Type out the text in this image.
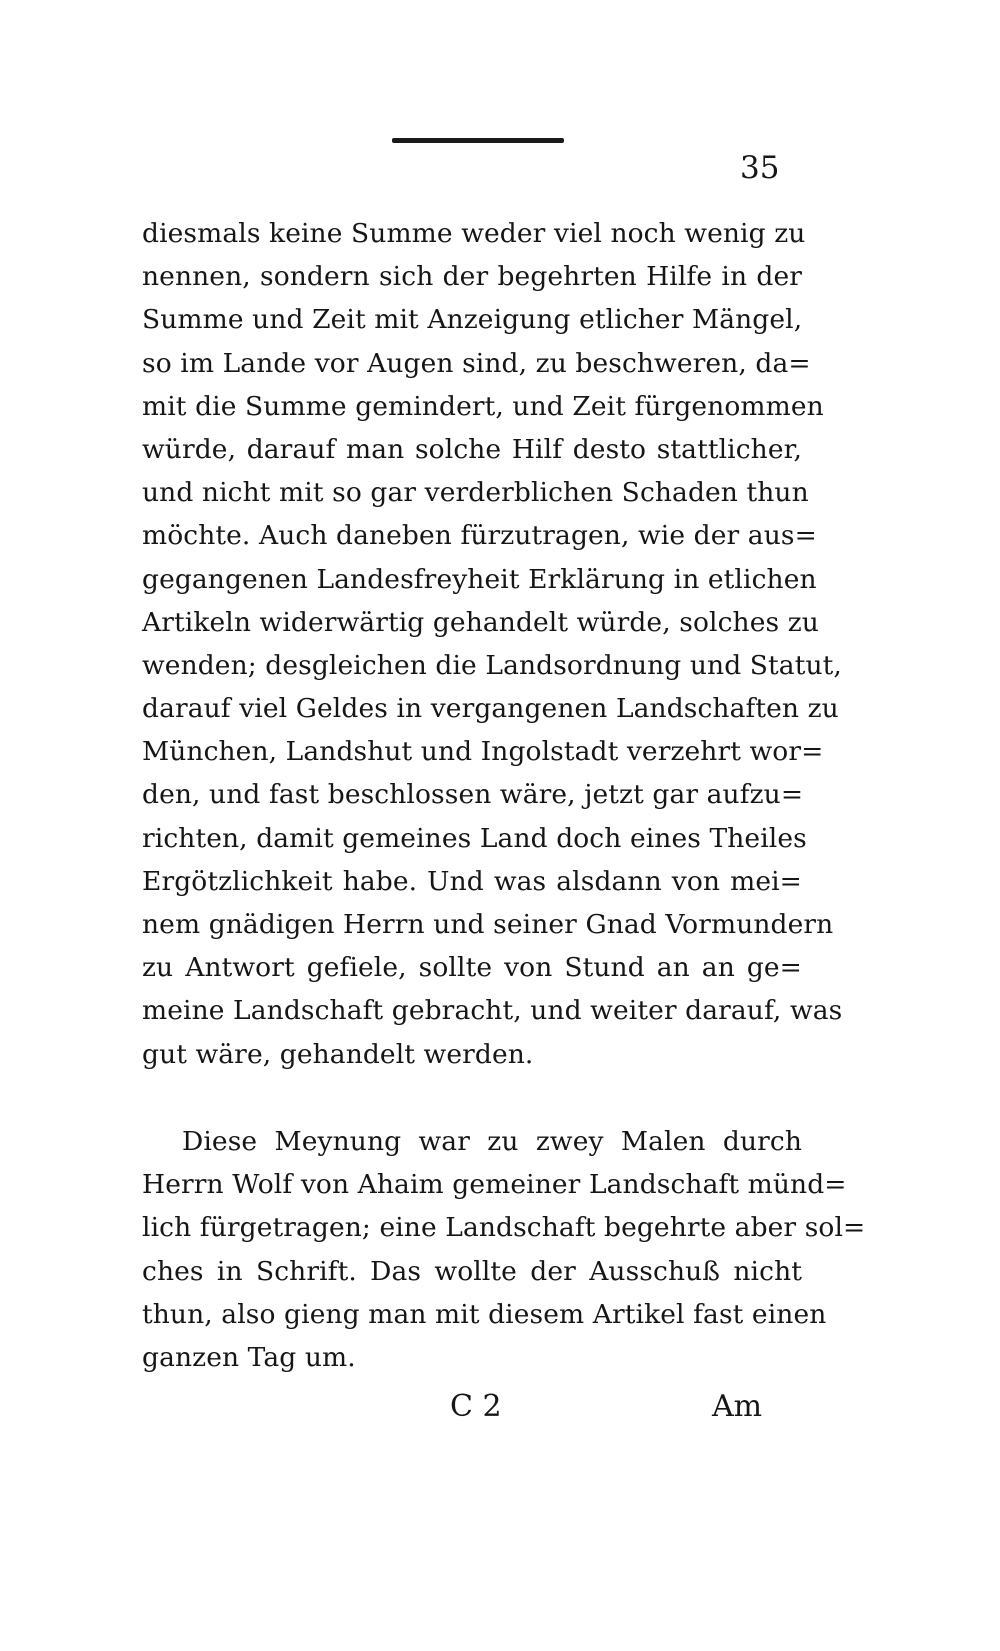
35
diesmals keine Summe weder viel noch wenig zu
nennen, sondern sich der begehrten Hilfe in der
Summe und Zeit mit Anzeigung etlicher Mängel,
so im Lande vor Augen sind, zu beschweren, da=
mit die Summe gemindert, und Zeit fürgenommen
würde, darauf man solche Hilf desto stattlicher,
und nicht mit so gar verderblichen Schaden thun
möchte. Auch daneben fürzutragen, wie der aus=
gegangenen Landesfreyheit Erklärung in etlichen
Artikeln widerwärtig gehandelt würde, solches zu
wenden; desgleichen die Landsordnung und Statut,
darauf viel Geldes in vergangenen Landschaften zu
München, Landshut und Ingolstadt verzehrt wor=
den, und fast beschlossen wäre, jetzt gar aufzu=
richten, damit gemeines Land doch eines Theiles
Ergötzlichkeit habe. Und was alsdann von mei=
nem gnädigen Herrn und seiner Gnad Vormundern
zu Antwort gefiele, sollte von Stund an an ge=
meine Landschaft gebracht, und weiter darauf, was
gut wäre, gehandelt werden.
Diese Meynung war zu zwey Malen durch
Herrn Wolf von Ahaim gemeiner Landschaft münd=
lich fürgetragen; eine Landschaft begehrte aber sol=
ches in Schrift. Das wollte der Ausschuß nicht
thun, also gieng man mit diesem Artikel fast einen
ganzen Tag um.
C 2	Am
